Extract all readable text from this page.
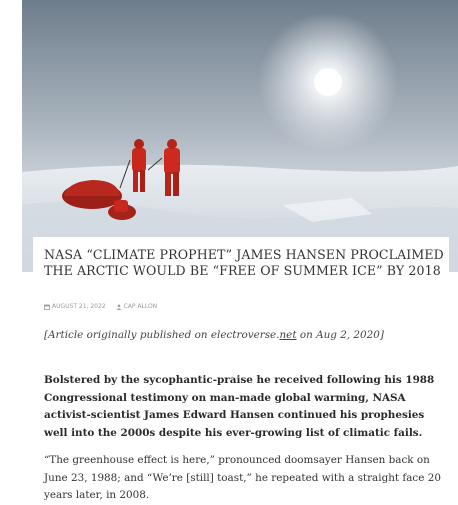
NASA “CLIMATE PROPHET” JAMES HANSEN PROCLAIMED THE ARCTIC WOULD BE “FREE OF SUMMER ICE” BY 2018
AUGUST 21, 2022
	CAP ALLON

[Article originally published on electroverse.net on Aug 2, 2020]

Bolstered by the sycophantic-praise he received following his 1988 Congressional testimony on man-made global warming, NASA activist-scientist James Edward Hansen continued his prophesies well into the 2000s despite his ever-growing list of climatic fails.

“The greenhouse effect is here,” pronounced doomsayer Hansen back on June 23, 1988; and “We’re [still] toast,” he repeated with a straight face 20 years later, in 2008.
